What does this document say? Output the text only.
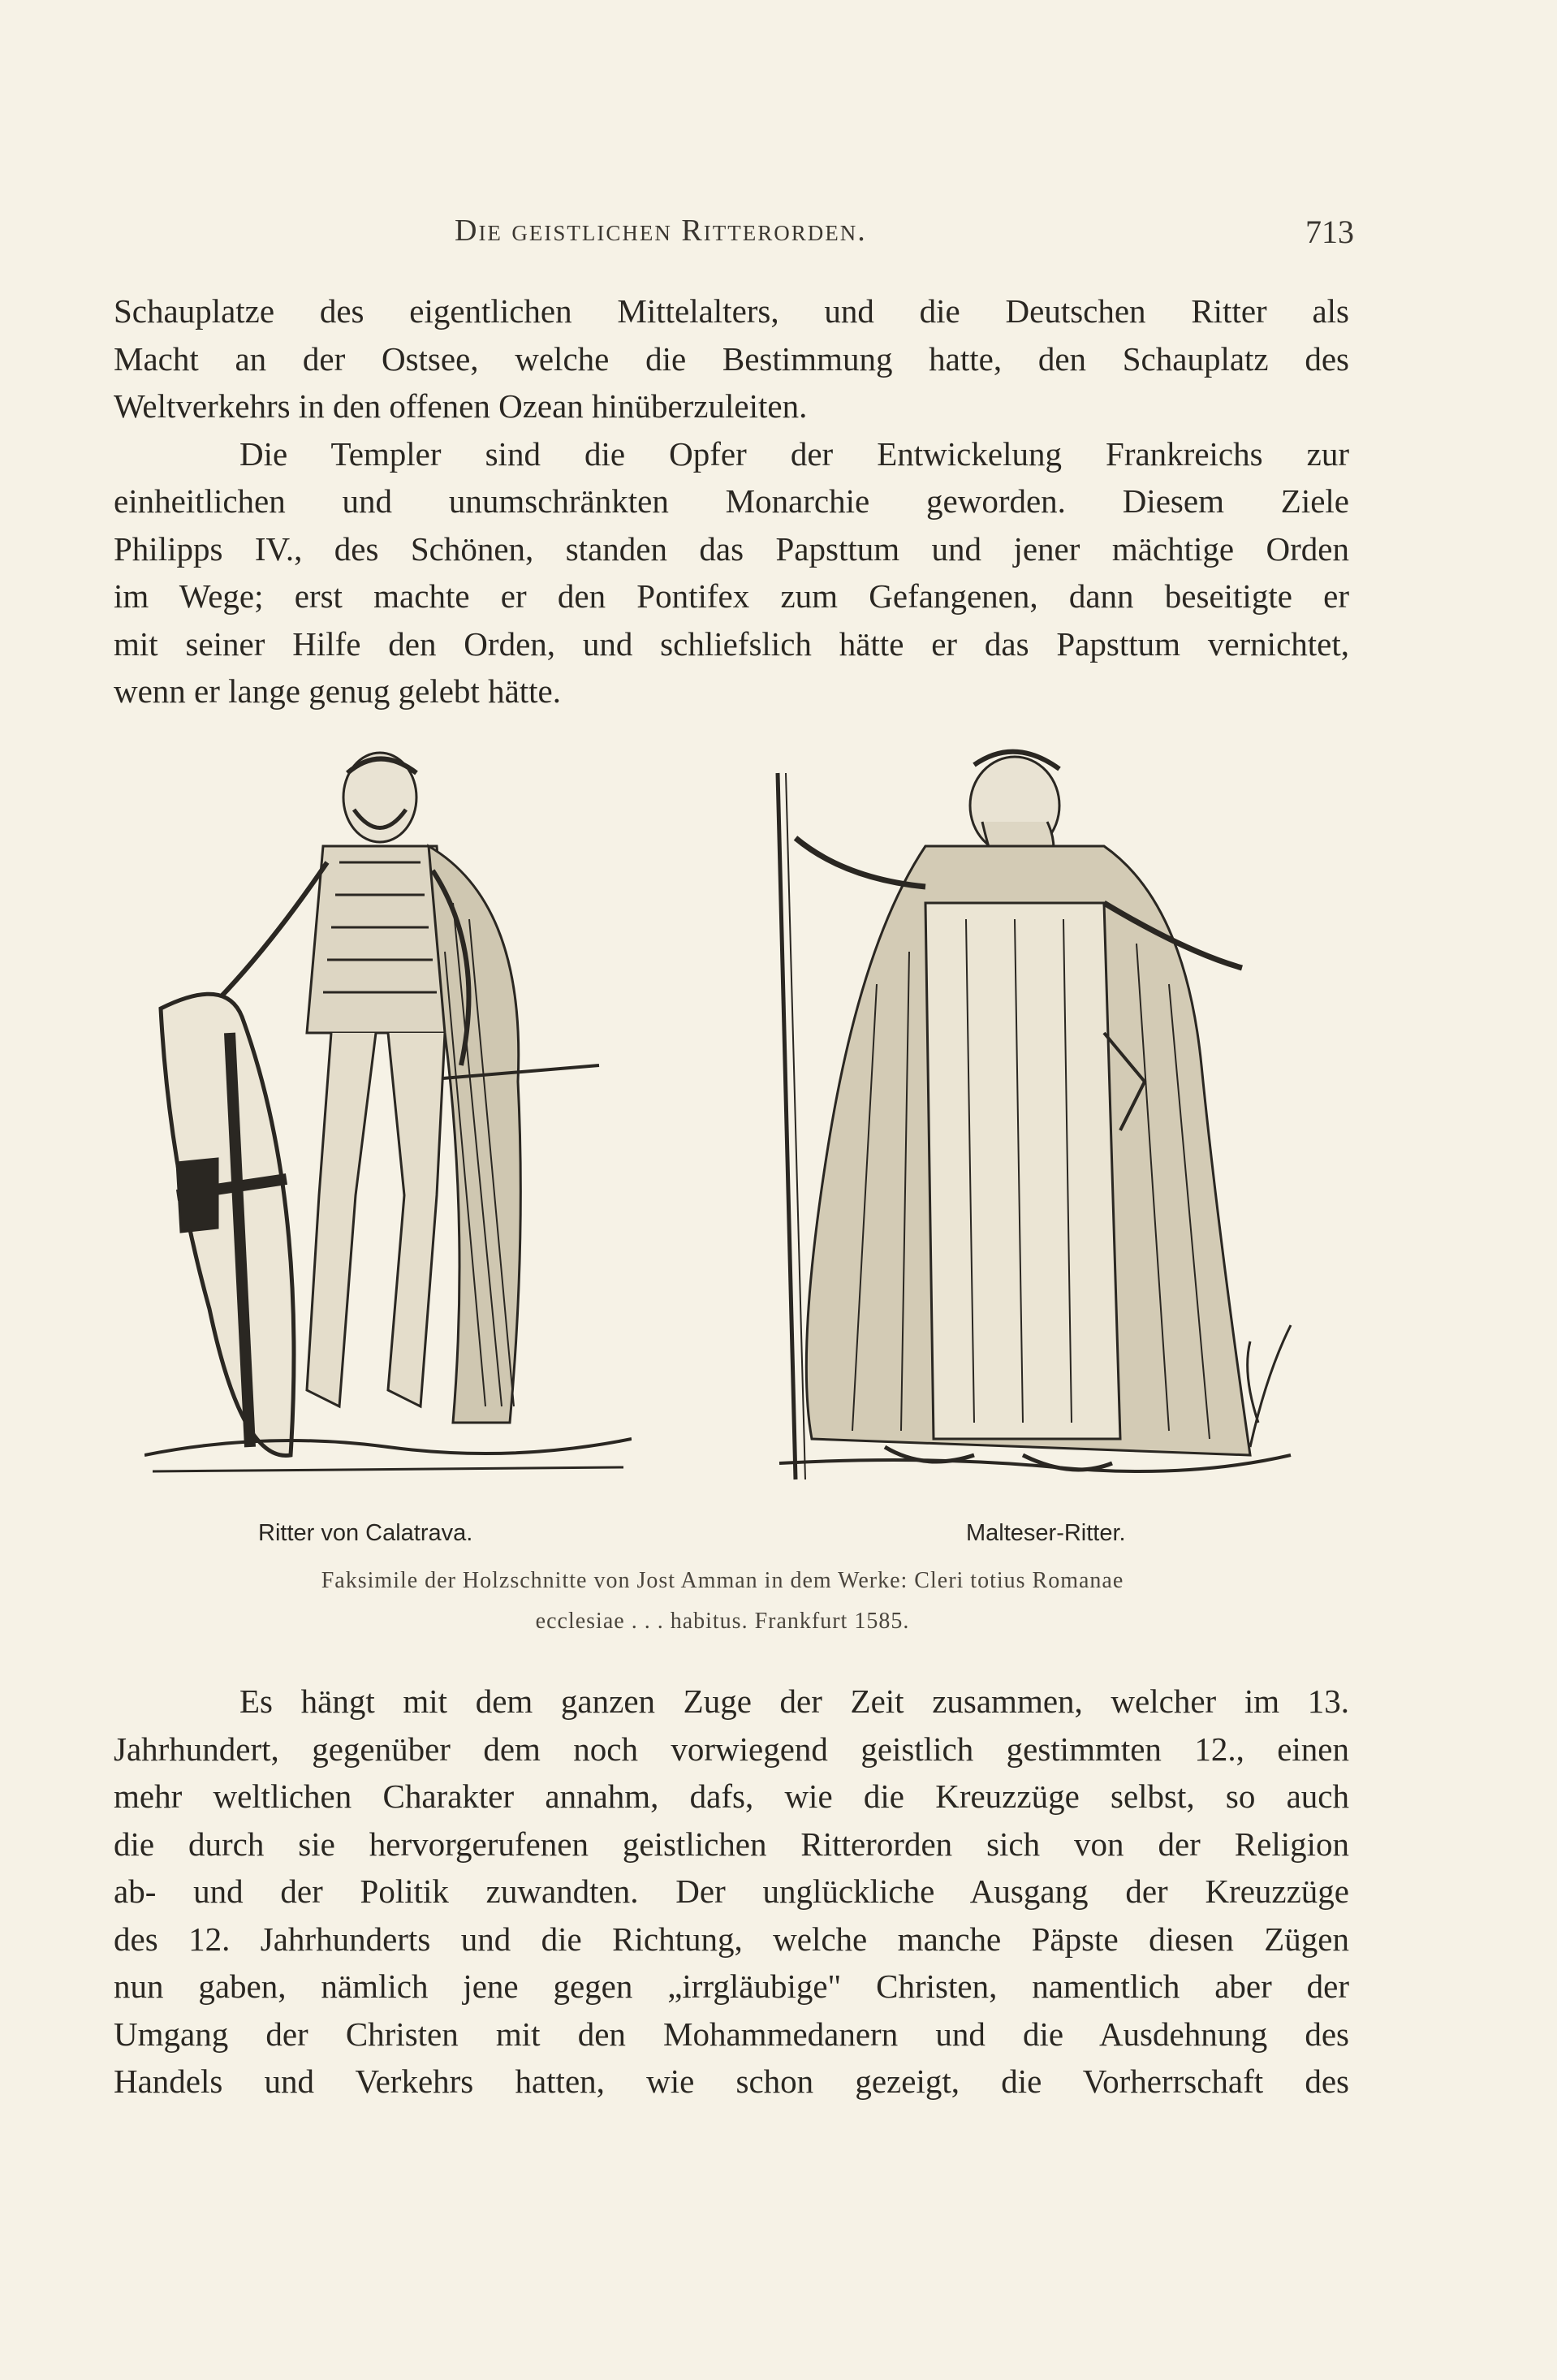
Die geistlichen Ritterorden.	713
Schauplatze des eigentlichen Mittelalters, und die Deutschen Ritter als
Macht an der Ostsee, welche die Bestimmung hatte, den Schauplatz des
Weltverkehrs in den offenen Ozean hinüberzuleiten.
Die Templer sind die Opfer der Entwickelung Frankreichs zur
einheitlichen und unumschränkten Monarchie geworden. Diesem Ziele
Philipps IV., des Schönen, standen das Papsttum und jener mächtige Orden
im Wege; erst machte er den Pontifex zum Gefangenen, dann beseitigte er
mit seiner Hilfe den Orden, und schliefslich hätte er das Papsttum vernichtet,
wenn er lange genug gelebt hätte.
Ritter von Calatrava.	Malteser-Ritter.
Faksimile der Holzschnitte von Jost Amman in dem Werke: Cleri totius Romanae
ecclesiae . . . habitus. Frankfurt 1585.
Es hängt mit dem ganzen Zuge der Zeit zusammen, welcher im 13.
Jahrhundert, gegenüber dem noch vorwiegend geistlich gestimmten 12., einen
mehr weltlichen Charakter annahm, dafs, wie die Kreuzzüge selbst, so auch
die durch sie hervorgerufenen geistlichen Ritterorden sich von der Religion
ab- und der Politik zuwandten. Der unglückliche Ausgang der Kreuzzüge
des 12. Jahrhunderts und die Richtung, welche manche Päpste diesen Zügen
nun gaben, nämlich jene gegen „irrgläubige" Christen, namentlich aber der
Umgang der Christen mit den Mohammedanern und die Ausdehnung des
Handels und Verkehrs hatten, wie schon gezeigt, die Vorherrschaft des
